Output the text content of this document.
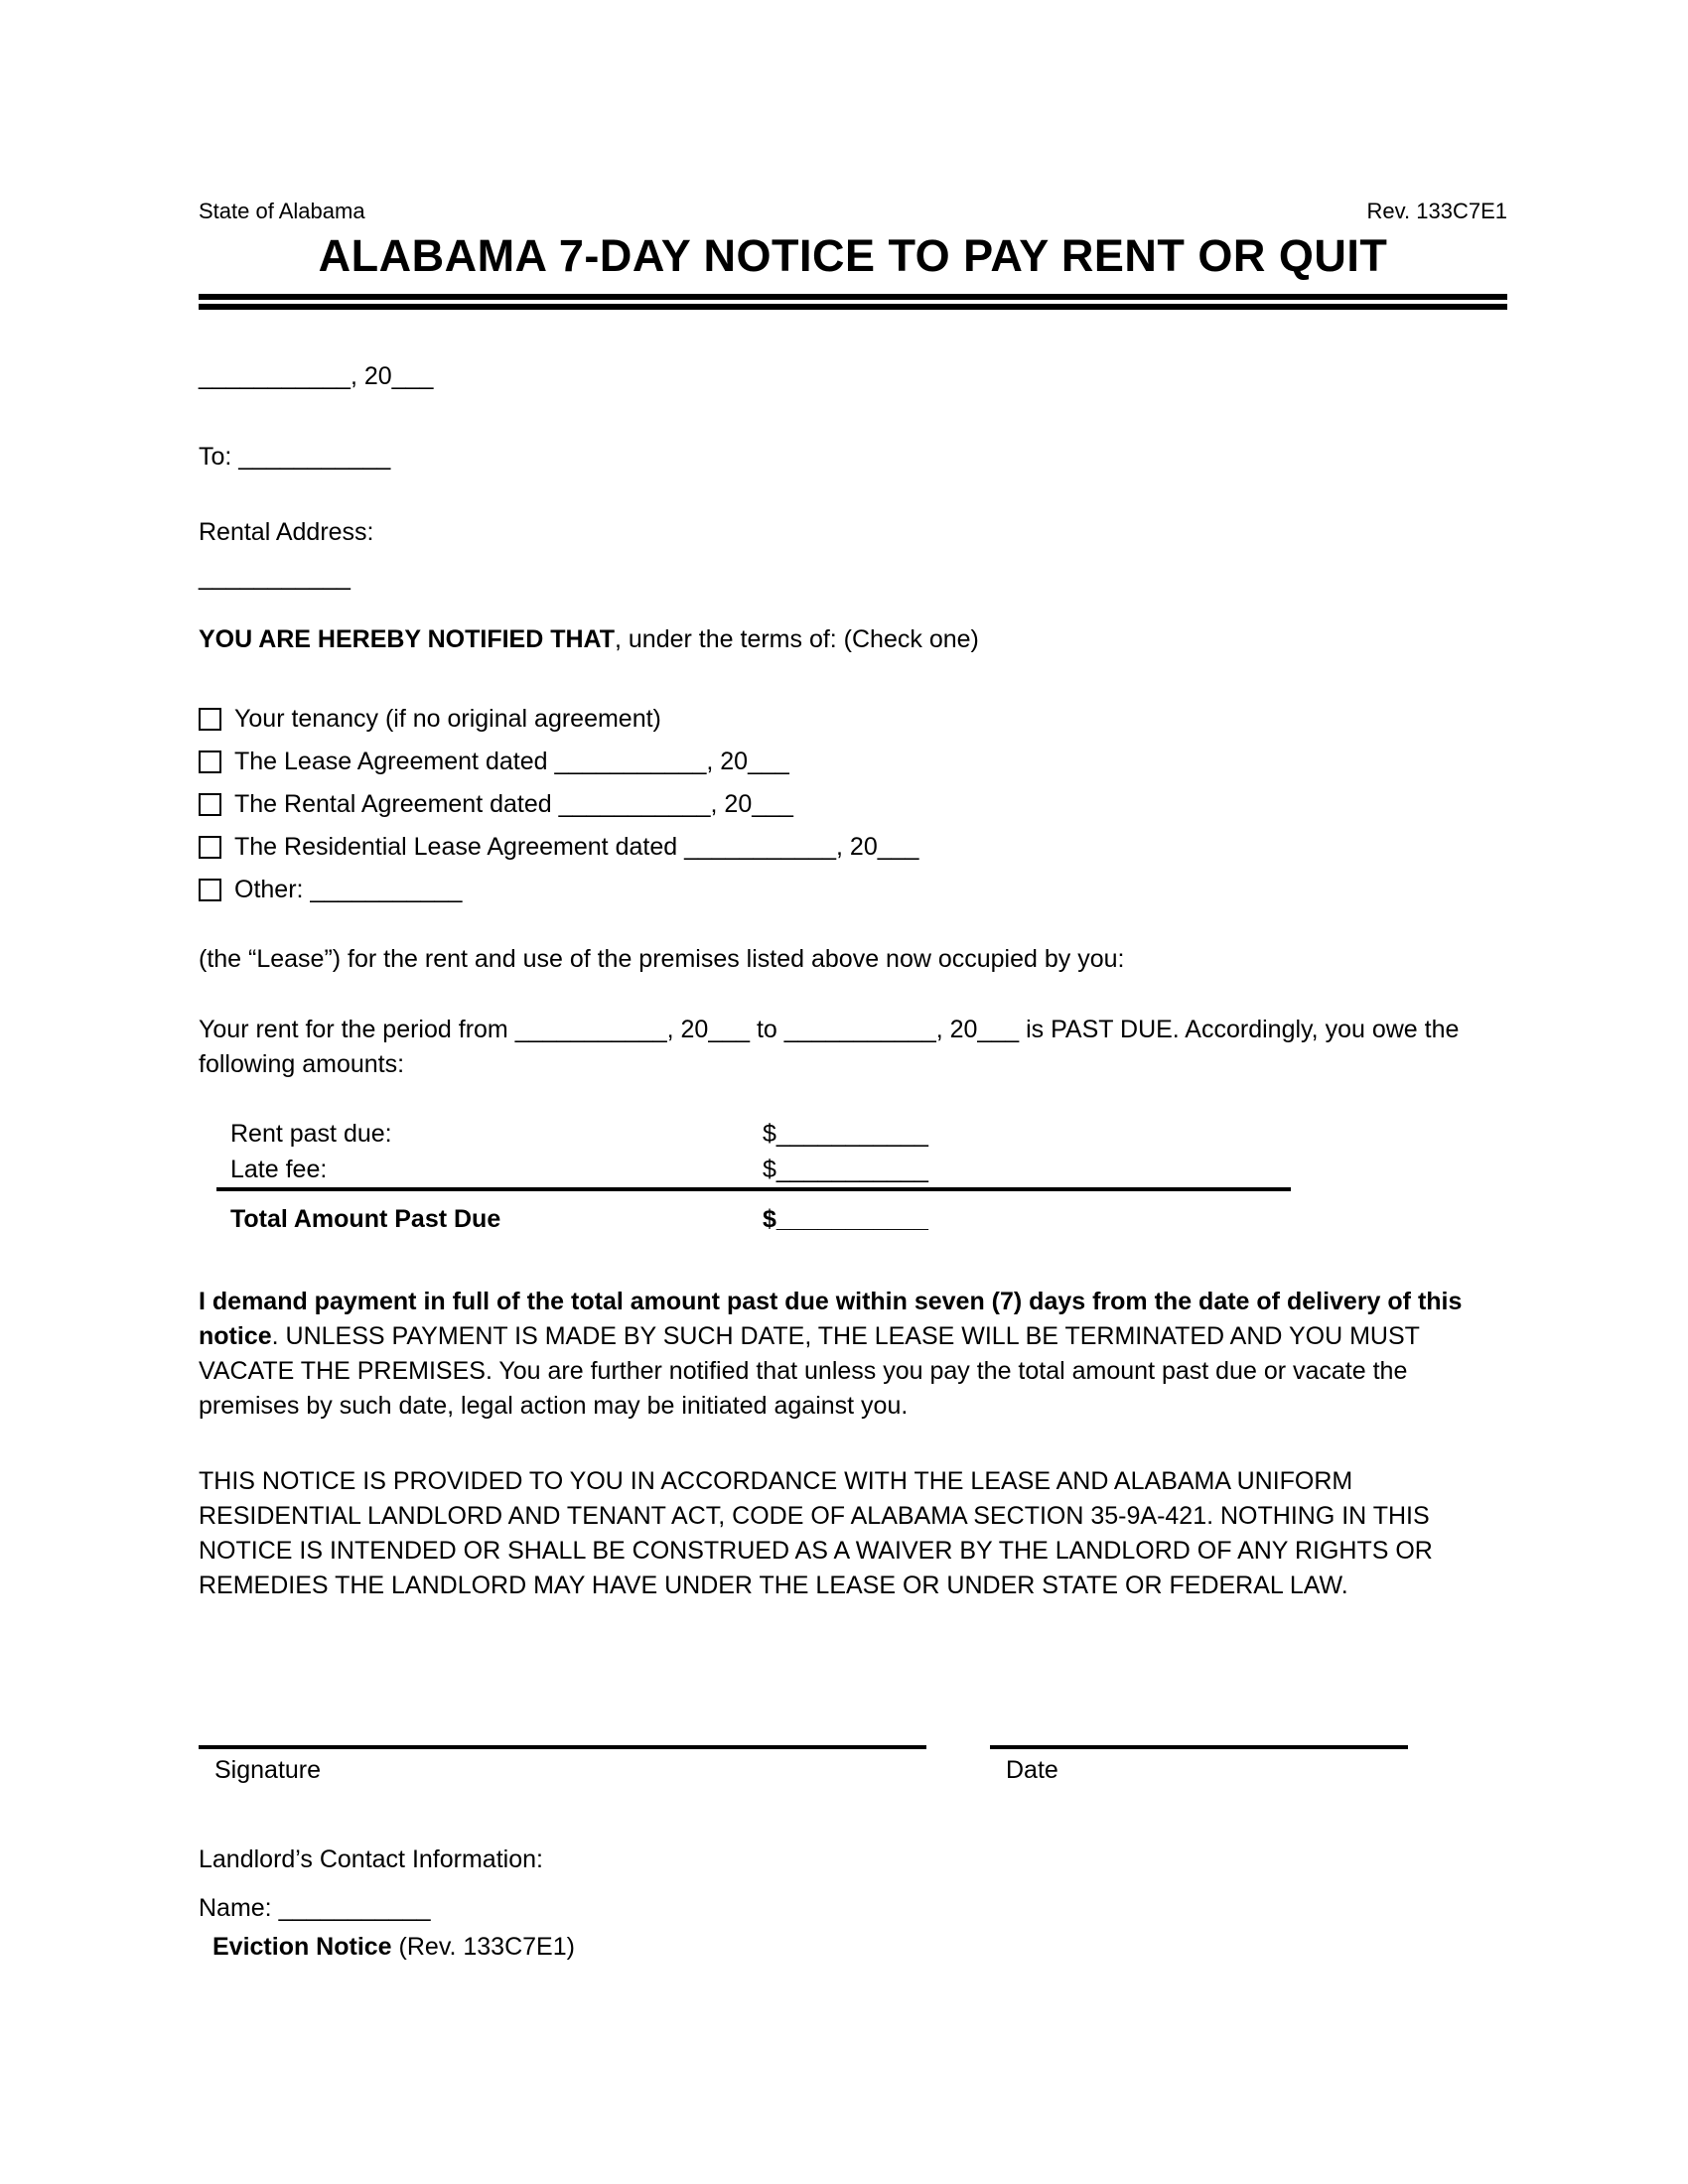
State of Alabama	Rev. 133C7E1
ALABAMA 7-DAY NOTICE TO PAY RENT OR QUIT

___________, 20___

To: ___________

Rental Address:

___________

YOU ARE HEREBY NOTIFIED THAT, under the terms of: (Check one)

Your tenancy (if no original agreement)
The Lease Agreement dated ___________, 20___
The Rental Agreement dated ___________, 20___
The Residential Lease Agreement dated ___________, 20___
Other: ___________

(the “Lease”) for the rent and use of the premises listed above now occupied by you:

Your rent for the period from ___________, 20___ to ___________, 20___ is PAST DUE. Accordingly, you owe the following amounts:

Rent past due:	$___________
Late fee:	$___________
Total Amount Past Due	$___________

I demand payment in full of the total amount past due within seven (7) days from the date of delivery of this notice. UNLESS PAYMENT IS MADE BY SUCH DATE, THE LEASE WILL BE TERMINATED AND YOU MUST VACATE THE PREMISES. You are further notified that unless you pay the total amount past due or vacate the premises by such date, legal action may be initiated against you.

THIS NOTICE IS PROVIDED TO YOU IN ACCORDANCE WITH THE LEASE AND ALABAMA UNIFORM RESIDENTIAL LANDLORD AND TENANT ACT, CODE OF ALABAMA SECTION 35-9A-421. NOTHING IN THIS NOTICE IS INTENDED OR SHALL BE CONSTRUED AS A WAIVER BY THE LANDLORD OF ANY RIGHTS OR REMEDIES THE LANDLORD MAY HAVE UNDER THE LEASE OR UNDER STATE OR FEDERAL LAW.

Signature	Date

Landlord’s Contact Information:

Name: ___________

Eviction Notice (Rev. 133C7E1)
